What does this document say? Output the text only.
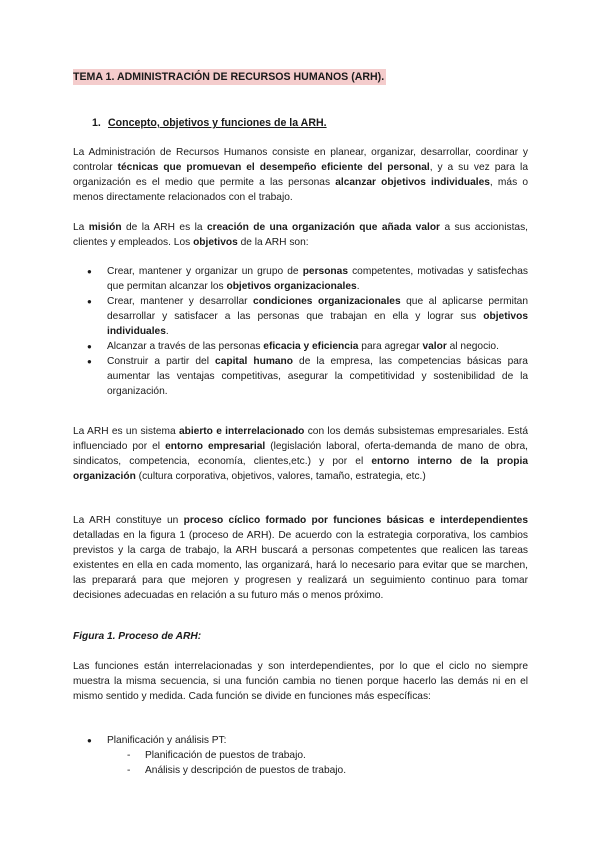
TEMA 1. ADMINISTRACIÓN DE RECURSOS HUMANOS (ARH).

1. Concepto, objetivos y funciones de la ARH.

La Administración de Recursos Humanos consiste en planear, organizar, desarrollar, coordinar y controlar técnicas que promuevan el desempeño eficiente del personal, y a su vez para la organización es el medio que permite a las personas alcanzar objetivos individuales, más o menos directamente relacionados con el trabajo.

La misión de la ARH es la creación de una organización que añada valor a sus accionistas, clientes y empleados. Los objetivos de la ARH son:

● Crear, mantener y organizar un grupo de personas competentes, motivadas y satisfechas que permitan alcanzar los objetivos organizacionales.
● Crear, mantener y desarrollar condiciones organizacionales que al aplicarse permitan desarrollar y satisfacer a las personas que trabajan en ella y lograr sus objetivos individuales.
● Alcanzar a través de las personas eficacia y eficiencia para agregar valor al negocio.
● Construir a partir del capital humano de la empresa, las competencias básicas para aumentar las ventajas competitivas, asegurar la competitividad y sostenibilidad de la organización.

La ARH es un sistema abierto e interrelacionado con los demás subsistemas empresariales. Está influenciado por el entorno empresarial (legislación laboral, oferta-demanda de mano de obra, sindicatos, competencia, economía, clientes,etc.) y por el entorno interno de la propia organización (cultura corporativa, objetivos, valores, tamaño, estrategia, etc.)

La ARH constituye un proceso cíclico formado por funciones básicas e interdependientes detalladas en la figura 1 (proceso de ARH). De acuerdo con la estrategia corporativa, los cambios previstos y la carga de trabajo, la ARH buscará a personas competentes que realicen las tareas existentes en ella en cada momento, las organizará, hará lo necesario para evitar que se marchen, las preparará para que mejoren y progresen y realizará un seguimiento continuo para tomar decisiones adecuadas en relación a su futuro más o menos próximo.

Figura 1. Proceso de ARH:

Las funciones están interrelacionadas y son interdependientes, por lo que el ciclo no siempre muestra la misma secuencia, si una función cambia no tienen porque hacerlo las demás ni en el mismo sentido y medida. Cada función se divide en funciones más específicas:

● Planificación y análisis PT:
- Planificación de puestos de trabajo.
- Análisis y descripción de puestos de trabajo.
